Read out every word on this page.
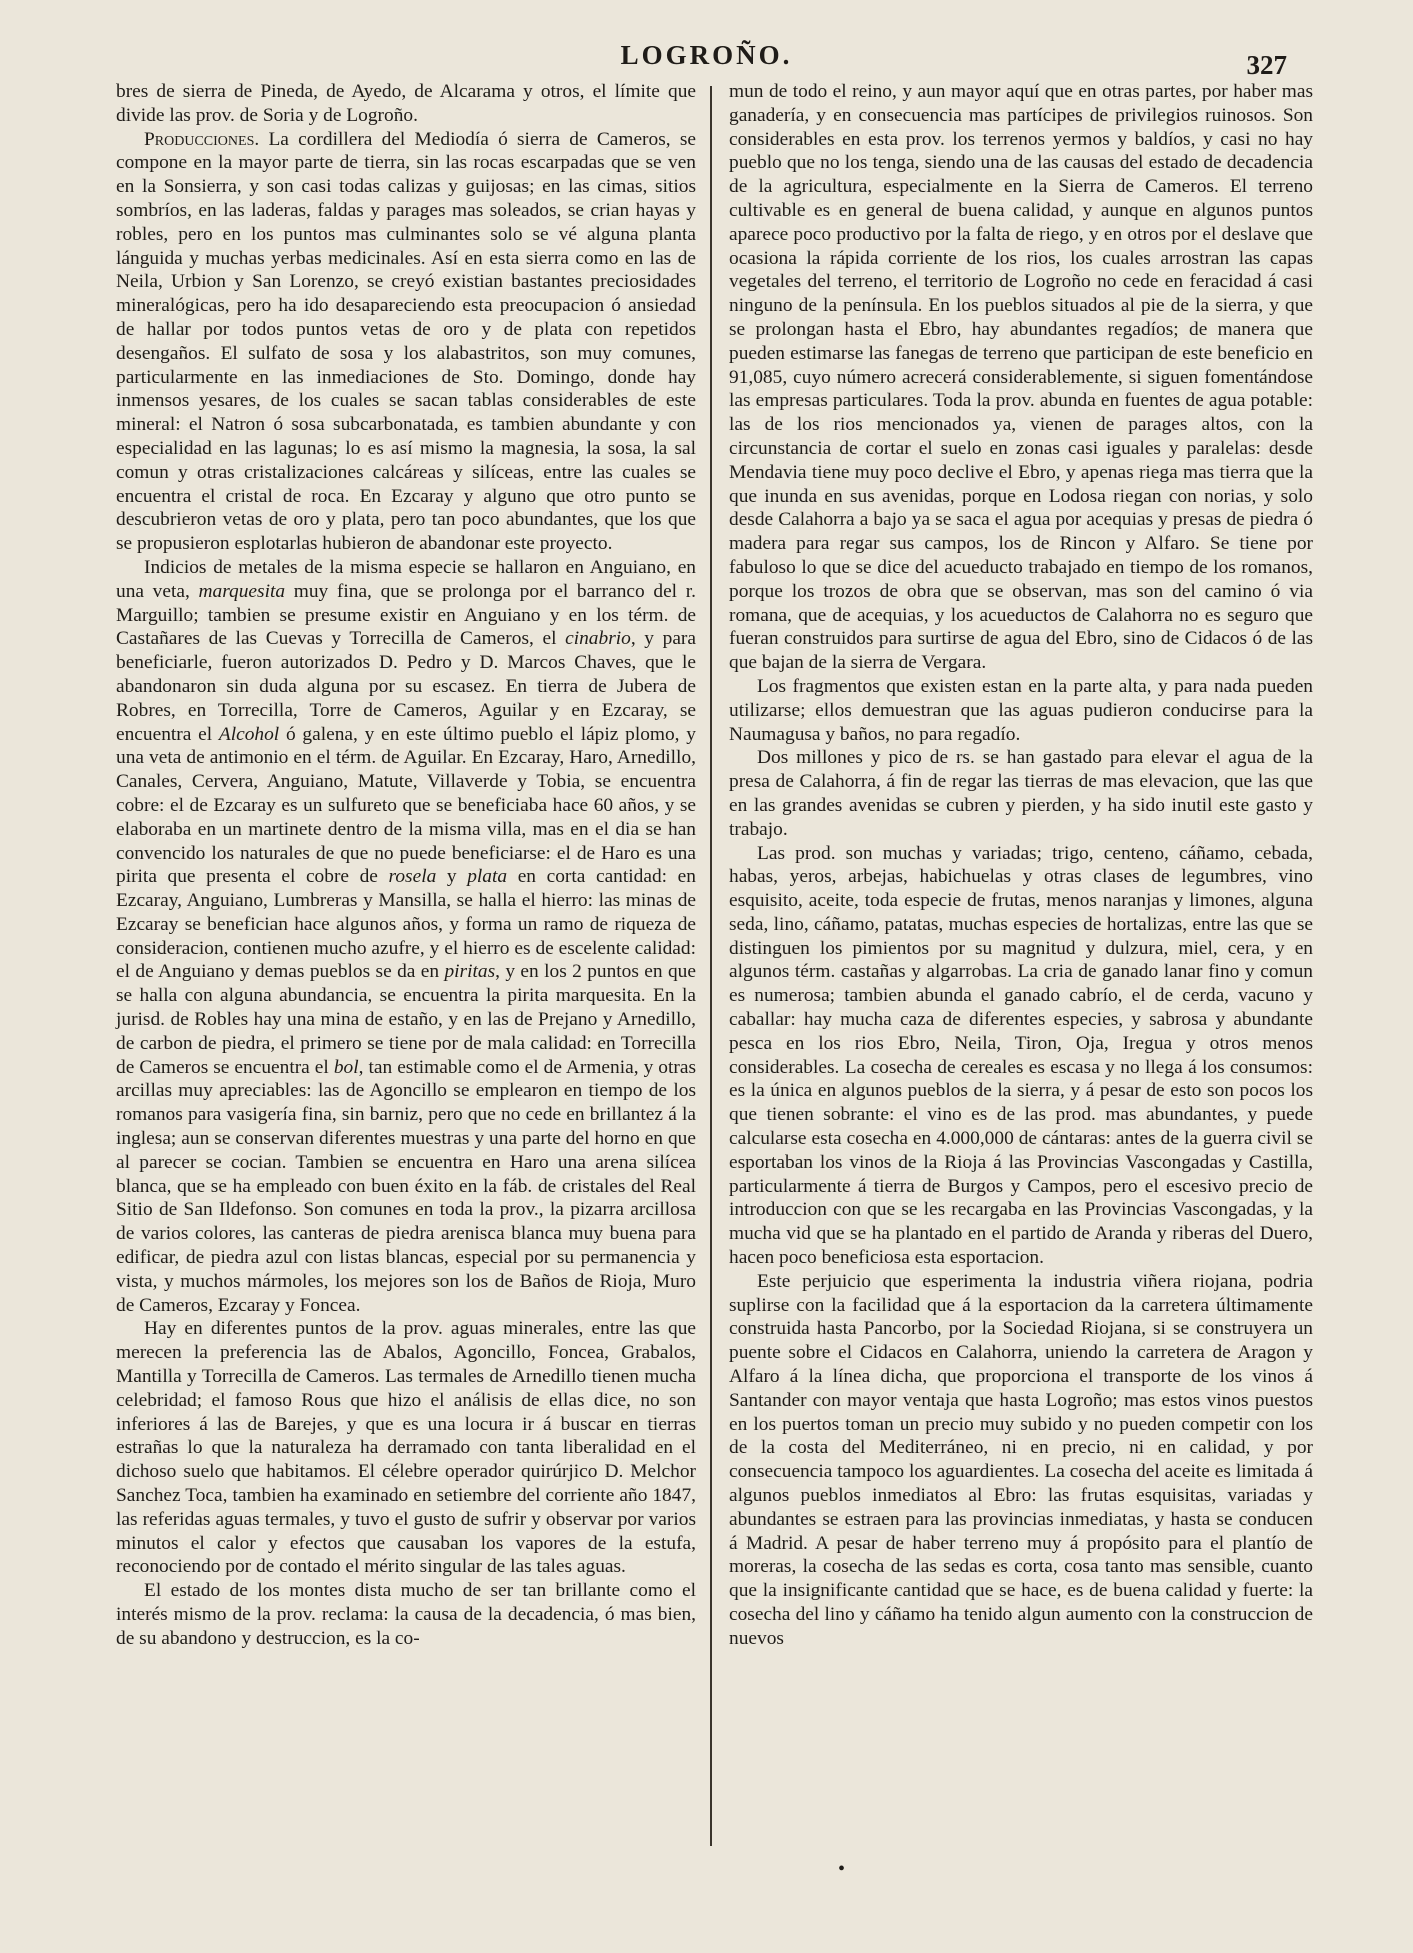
LOGROÑO.	327

bres de sierra de Pineda, de Ayedo, de Alcarama y otros, el límite que divide las prov. de Soria y de Logroño.

Producciones. La cordillera del Mediodía ó sierra de Cameros, se compone en la mayor parte de tierra, sin las rocas escarpadas que se ven en la Sonsierra, y son casi todas calizas y guijosas; en las cimas, sitios sombríos, en las laderas, faldas y parages mas soleados, se crian hayas y robles, pero en los puntos mas culminantes solo se vé alguna planta lánguida y muchas yerbas medicinales. Así en esta sierra como en las de Neila, Urbion y San Lorenzo, se creyó existian bastantes preciosidades mineralógicas, pero ha ido desapareciendo esta preocupacion ó ansiedad de hallar por todos puntos vetas de oro y de plata con repetidos desengaños. El sulfato de sosa y los alabastritos, son muy comunes, particularmente en las inmediaciones de Sto. Domingo, donde hay inmensos yesares, de los cuales se sacan tablas considerables de este mineral: el Natron ó sosa subcarbonatada, es tambien abundante y con especialidad en las lagunas; lo es así mismo la magnesia, la sosa, la sal comun y otras cristalizaciones calcáreas y silíceas, entre las cuales se encuentra el cristal de roca. En Ezcaray y alguno que otro punto se descubrieron vetas de oro y plata, pero tan poco abundantes, que los que se propusieron esplotarlas hubieron de abandonar este proyecto.

Indicios de metales de la misma especie se hallaron en Anguiano, en una veta, marquesita muy fina, que se prolonga por el barranco del r. Marguillo; tambien se presume existir en Anguiano y en los térm. de Castañares de las Cuevas y Torrecilla de Cameros, el cinabrio, y para beneficiarle, fueron autorizados D. Pedro y D. Marcos Chaves, que le abandonaron sin duda alguna por su escasez. En tierra de Jubera de Robres, en Torrecilla, Torre de Cameros, Aguilar y en Ezcaray, se encuentra el Alcohol ó galena, y en este último pueblo el lápiz plomo, y una veta de antimonio en el térm. de Aguilar. En Ezcaray, Haro, Arnedillo, Canales, Cervera, Anguiano, Matute, Villaverde y Tobia, se encuentra cobre: el de Ezcaray es un sulfureto que se beneficiaba hace 60 años, y se elaboraba en un martinete dentro de la misma villa, mas en el dia se han convencido los naturales de que no puede beneficiarse: el de Haro es una pirita que presenta el cobre de rosela y plata en corta cantidad: en Ezcaray, Anguiano, Lumbreras y Mansilla, se halla el hierro: las minas de Ezcaray se benefician hace algunos años, y forma un ramo de riqueza de consideracion, contienen mucho azufre, y el hierro es de escelente calidad: el de Anguiano y demas pueblos se da en piritas, y en los 2 puntos en que se halla con alguna abundancia, se encuentra la pirita marquesita. En la jurisd. de Robles hay una mina de estaño, y en las de Prejano y Arnedillo, de carbon de piedra, el primero se tiene por de mala calidad: en Torrecilla de Cameros se encuentra el bol, tan estimable como el de Armenia, y otras arcillas muy apreciables: las de Agoncillo se emplearon en tiempo de los romanos para vasigería fina, sin barniz, pero que no cede en brillantez á la inglesa; aun se conservan diferentes muestras y una parte del horno en que al parecer se cocian. Tambien se encuentra en Haro una arena silícea blanca, que se ha empleado con buen éxito en la fáb. de cristales del Real Sitio de San Ildefonso. Son comunes en toda la prov., la pizarra arcillosa de varios colores, las canteras de piedra arenisca blanca muy buena para edificar, de piedra azul con listas blancas, especial por su permanencia y vista, y muchos mármoles, los mejores son los de Baños de Rioja, Muro de Cameros, Ezcaray y Foncea.

Hay en diferentes puntos de la prov. aguas minerales, entre las que merecen la preferencia las de Abalos, Agoncillo, Foncea, Grabalos, Mantilla y Torrecilla de Cameros. Las termales de Arnedillo tienen mucha celebridad; el famoso Rous que hizo el análisis de ellas dice, no son inferiores á las de Barejes, y que es una locura ir á buscar en tierras estrañas lo que la naturaleza ha derramado con tanta liberalidad en el dichoso suelo que habitamos. El célebre operador quirúrjico D. Melchor Sanchez Toca, tambien ha examinado en setiembre del corriente año 1847, las referidas aguas termales, y tuvo el gusto de sufrir y observar por varios minutos el calor y efectos que causaban los vapores de la estufa, reconociendo por de contado el mérito singular de las tales aguas.

El estado de los montes dista mucho de ser tan brillante como el interés mismo de la prov. reclama: la causa de la decadencia, ó mas bien, de su abandono y destruccion, es la co-

mun de todo el reino, y aun mayor aquí que en otras partes, por haber mas ganadería, y en consecuencia mas partícipes de privilegios ruinosos. Son considerables en esta prov. los terrenos yermos y baldíos, y casi no hay pueblo que no los tenga, siendo una de las causas del estado de decadencia de la agricultura, especialmente en la Sierra de Cameros. El terreno cultivable es en general de buena calidad, y aunque en algunos puntos aparece poco productivo por la falta de riego, y en otros por el deslave que ocasiona la rápida corriente de los rios, los cuales arrostran las capas vegetales del terreno, el territorio de Logroño no cede en feracidad á casi ninguno de la península. En los pueblos situados al pie de la sierra, y que se prolongan hasta el Ebro, hay abundantes regadíos; de manera que pueden estimarse las fanegas de terreno que participan de este beneficio en 91,085, cuyo número acrecerá considerablemente, si siguen fomentándose las empresas particulares. Toda la prov. abunda en fuentes de agua potable: las de los rios mencionados ya, vienen de parages altos, con la circunstancia de cortar el suelo en zonas casi iguales y paralelas: desde Mendavia tiene muy poco declive el Ebro, y apenas riega mas tierra que la que inunda en sus avenidas, porque en Lodosa riegan con norias, y solo desde Calahorra a bajo ya se saca el agua por acequias y presas de piedra ó madera para regar sus campos, los de Rincon y Alfaro. Se tiene por fabuloso lo que se dice del acueducto trabajado en tiempo de los romanos, porque los trozos de obra que se observan, mas son del camino ó via romana, que de acequias, y los acueductos de Calahorra no es seguro que fueran construidos para surtirse de agua del Ebro, sino de Cidacos ó de las que bajan de la sierra de Vergara.

Los fragmentos que existen estan en la parte alta, y para nada pueden utilizarse; ellos demuestran que las aguas pudieron conducirse para la Naumagusa y baños, no para regadío.

Dos millones y pico de rs. se han gastado para elevar el agua de la presa de Calahorra, á fin de regar las tierras de mas elevacion, que las que en las grandes avenidas se cubren y pierden, y ha sido inutil este gasto y trabajo.

Las prod. son muchas y variadas; trigo, centeno, cáñamo, cebada, habas, yeros, arbejas, habichuelas y otras clases de legumbres, vino esquisito, aceite, toda especie de frutas, menos naranjas y limones, alguna seda, lino, cáñamo, patatas, muchas especies de hortalizas, entre las que se distinguen los pimientos por su magnitud y dulzura, miel, cera, y en algunos térm. castañas y algarrobas. La cria de ganado lanar fino y comun es numerosa; tambien abunda el ganado cabrío, el de cerda, vacuno y caballar: hay mucha caza de diferentes especies, y sabrosa y abundante pesca en los rios Ebro, Neila, Tiron, Oja, Iregua y otros menos considerables. La cosecha de cereales es escasa y no llega á los consumos: es la única en algunos pueblos de la sierra, y á pesar de esto son pocos los que tienen sobrante: el vino es de las prod. mas abundantes, y puede calcularse esta cosecha en 4.000,000 de cántaras: antes de la guerra civil se esportaban los vinos de la Rioja á las Provincias Vascongadas y Castilla, particularmente á tierra de Burgos y Campos, pero el escesivo precio de introduccion con que se les recargaba en las Provincias Vascongadas, y la mucha vid que se ha plantado en el partido de Aranda y riberas del Duero, hacen poco beneficiosa esta esportacion.

Este perjuicio que esperimenta la industria viñera riojana, podria suplirse con la facilidad que á la esportacion da la carretera últimamente construida hasta Pancorbo, por la Sociedad Riojana, si se construyera un puente sobre el Cidacos en Calahorra, uniendo la carretera de Aragon y Alfaro á la línea dicha, que proporciona el transporte de los vinos á Santander con mayor ventaja que hasta Logroño; mas estos vinos puestos en los puertos toman un precio muy subido y no pueden competir con los de la costa del Mediterráneo, ni en precio, ni en calidad, y por consecuencia tampoco los aguardientes. La cosecha del aceite es limitada á algunos pueblos inmediatos al Ebro: las frutas esquisitas, variadas y abundantes se estraen para las provincias inmediatas, y hasta se conducen á Madrid. A pesar de haber terreno muy á propósito para el plantío de moreras, la cosecha de las sedas es corta, cosa tanto mas sensible, cuanto que la insignificante cantidad que se hace, es de buena calidad y fuerte: la cosecha del lino y cáñamo ha tenido algun aumento con la construccion de nuevos

•
